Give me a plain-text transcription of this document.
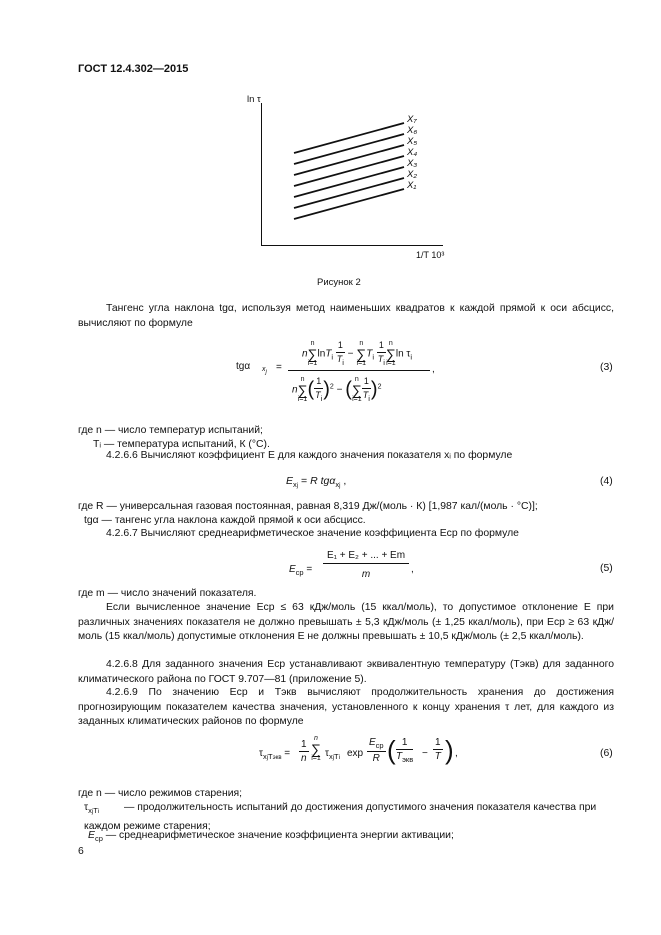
ГОСТ 12.4.302—2015
ln τ
1/T 10³
X₇
X₆
X₅
X₄
X₃
X₂
X₁
Рисунок 2
Тангенс угла наклона tgα, используя метод наименьших квадратов к каждой прямой к оси абсцисс, вычисляют по формуле
tgα $x_j$ =
n
n
∑
$i=1\ln T_i \frac{1}{T_i}$ −
n
∑
$i=1T_i \frac{1}{T_i}$ n
∑
i=1ln $\tau_i$
n
n
∑
$i=1( \frac{1}{T_i} )^2$ − ( n
∑
$i=1 \frac{1}{T_i} )^2$
,	(3)
где n — число температур испытаний;
Tᵢ — температура испытаний, К (°С).
4.2.6.6 Вычисляют коэффициент E для каждого значения показателя xᵢ по формуле
$E_{xj} = R$ tgα$_{xj}$ ,	(4)
где R — универсальная газовая постоянная, равная 8,319 Дж/(моль · К) [1,987 кал/(моль · °С)];
tgα — тангенс угла наклона каждой прямой к оси абсцисс.
4.2.6.7 Вычисляют среднеарифметическое значение коэффициента Eср по формуле
$E_{ср}$ =
E₁ + E₂ + ... + Em
m	,	(5)
где m — число значений показателя.
Если вычисленное значение Eср ≤ 63 кДж/моль (15 ккал/моль), то допустимое отклонение E при различных значениях показателя не должно превышать ± 5,3 кДж/моль (± 1,25 ккал/моль), при Eср ≥ 63 кДж/моль (15 ккал/моль) допустимые отклонения E не должны превышать ± 10,5 кДж/моль (± 2,5 ккал/моль).
4.2.6.8 Для заданного значения Eср устанавливают эквивалентную температуру (Tэкв) для заданного климатического района по ГОСТ 9.707—81 (приложение 5).
4.2.6.9 По значению Eср и Tэкв вычисляют продолжительность хранения до достижения прогнозирующим показателем качества значения, установленного к концу хранения τ лет, для каждого из заданных климатических районов по формуле
$\tau_{xjTэкв} = \frac{1}{n}$
n
∑
i=1 $\tau_{xjTi}$ exp
$E_{ср}$
R ( 1
$T_{экв}$
− $\frac{1}{T}$ ) ,	(6)
где n — число режимов старения;
$\tau_{xjTi}$ — продолжительность испытаний до достижения допустимого значения показателя качества при каждом режиме старения;
$E_{ср}$ — среднеарифметическое значение коэффициента энергии активации;
6
